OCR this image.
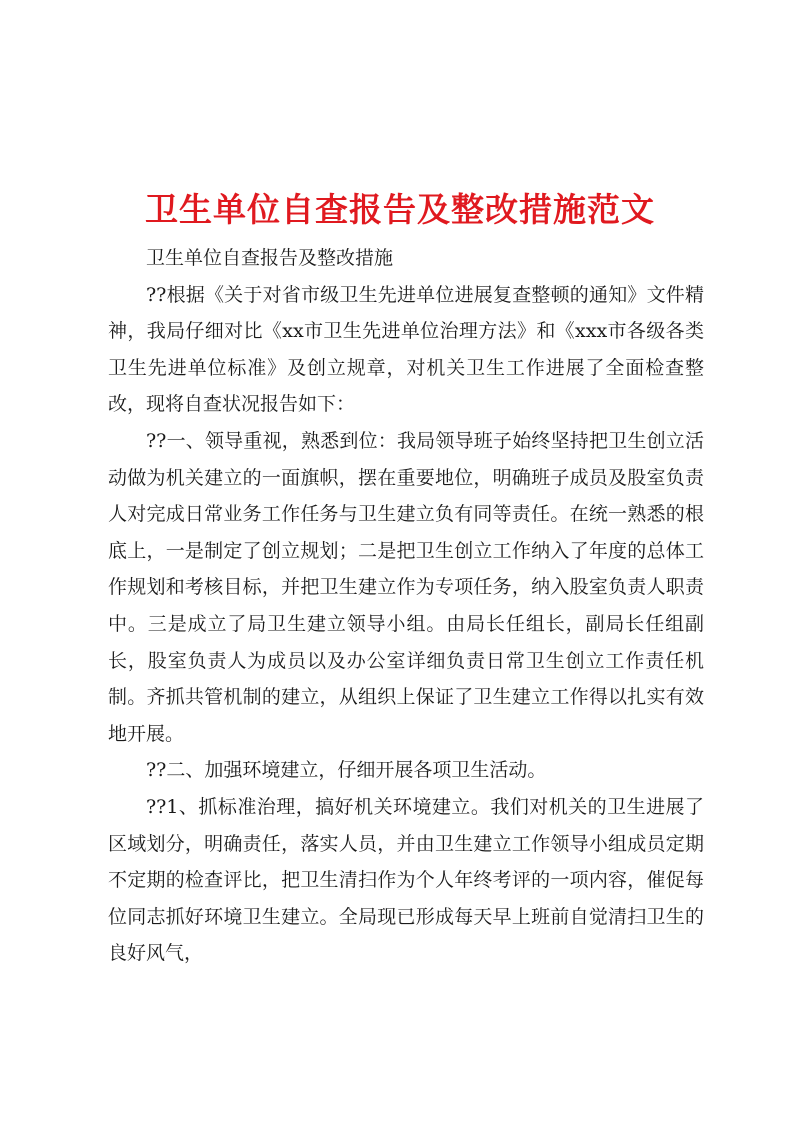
卫生单位自查报告及整改措施范文

卫生单位自查报告及整改措施

??根据《关于对省市级卫生先进单位进展复查整顿的通知》文件精神，我局仔细对比《xx市卫生先进单位治理方法》和《xxx市各级各类卫生先进单位标准》及创立规章，对机关卫生工作进展了全面检查整改，现将自查状况报告如下：

??一、领导重视，熟悉到位：我局领导班子始终坚持把卫生创立活动做为机关建立的一面旗帜，摆在重要地位，明确班子成员及股室负责人对完成日常业务工作任务与卫生建立负有同等责任。在统一熟悉的根底上，一是制定了创立规划；二是把卫生创立工作纳入了年度的总体工作规划和考核目标，并把卫生建立作为专项任务，纳入股室负责人职责中。三是成立了局卫生建立领导小组。由局长任组长，副局长任组副长，股室负责人为成员以及办公室详细负责日常卫生创立工作责任机制。齐抓共管机制的建立，从组织上保证了卫生建立工作得以扎实有效地开展。

??二、加强环境建立，仔细开展各项卫生活动。

??1、抓标准治理，搞好机关环境建立。我们对机关的卫生进展了区域划分，明确责任，落实人员，并由卫生建立工作领导小组成员定期不定期的检查评比，把卫生清扫作为个人年终考评的一项内容，催促每位同志抓好环境卫生建立。全局现已形成每天早上班前自觉清扫卫生的良好风气，
